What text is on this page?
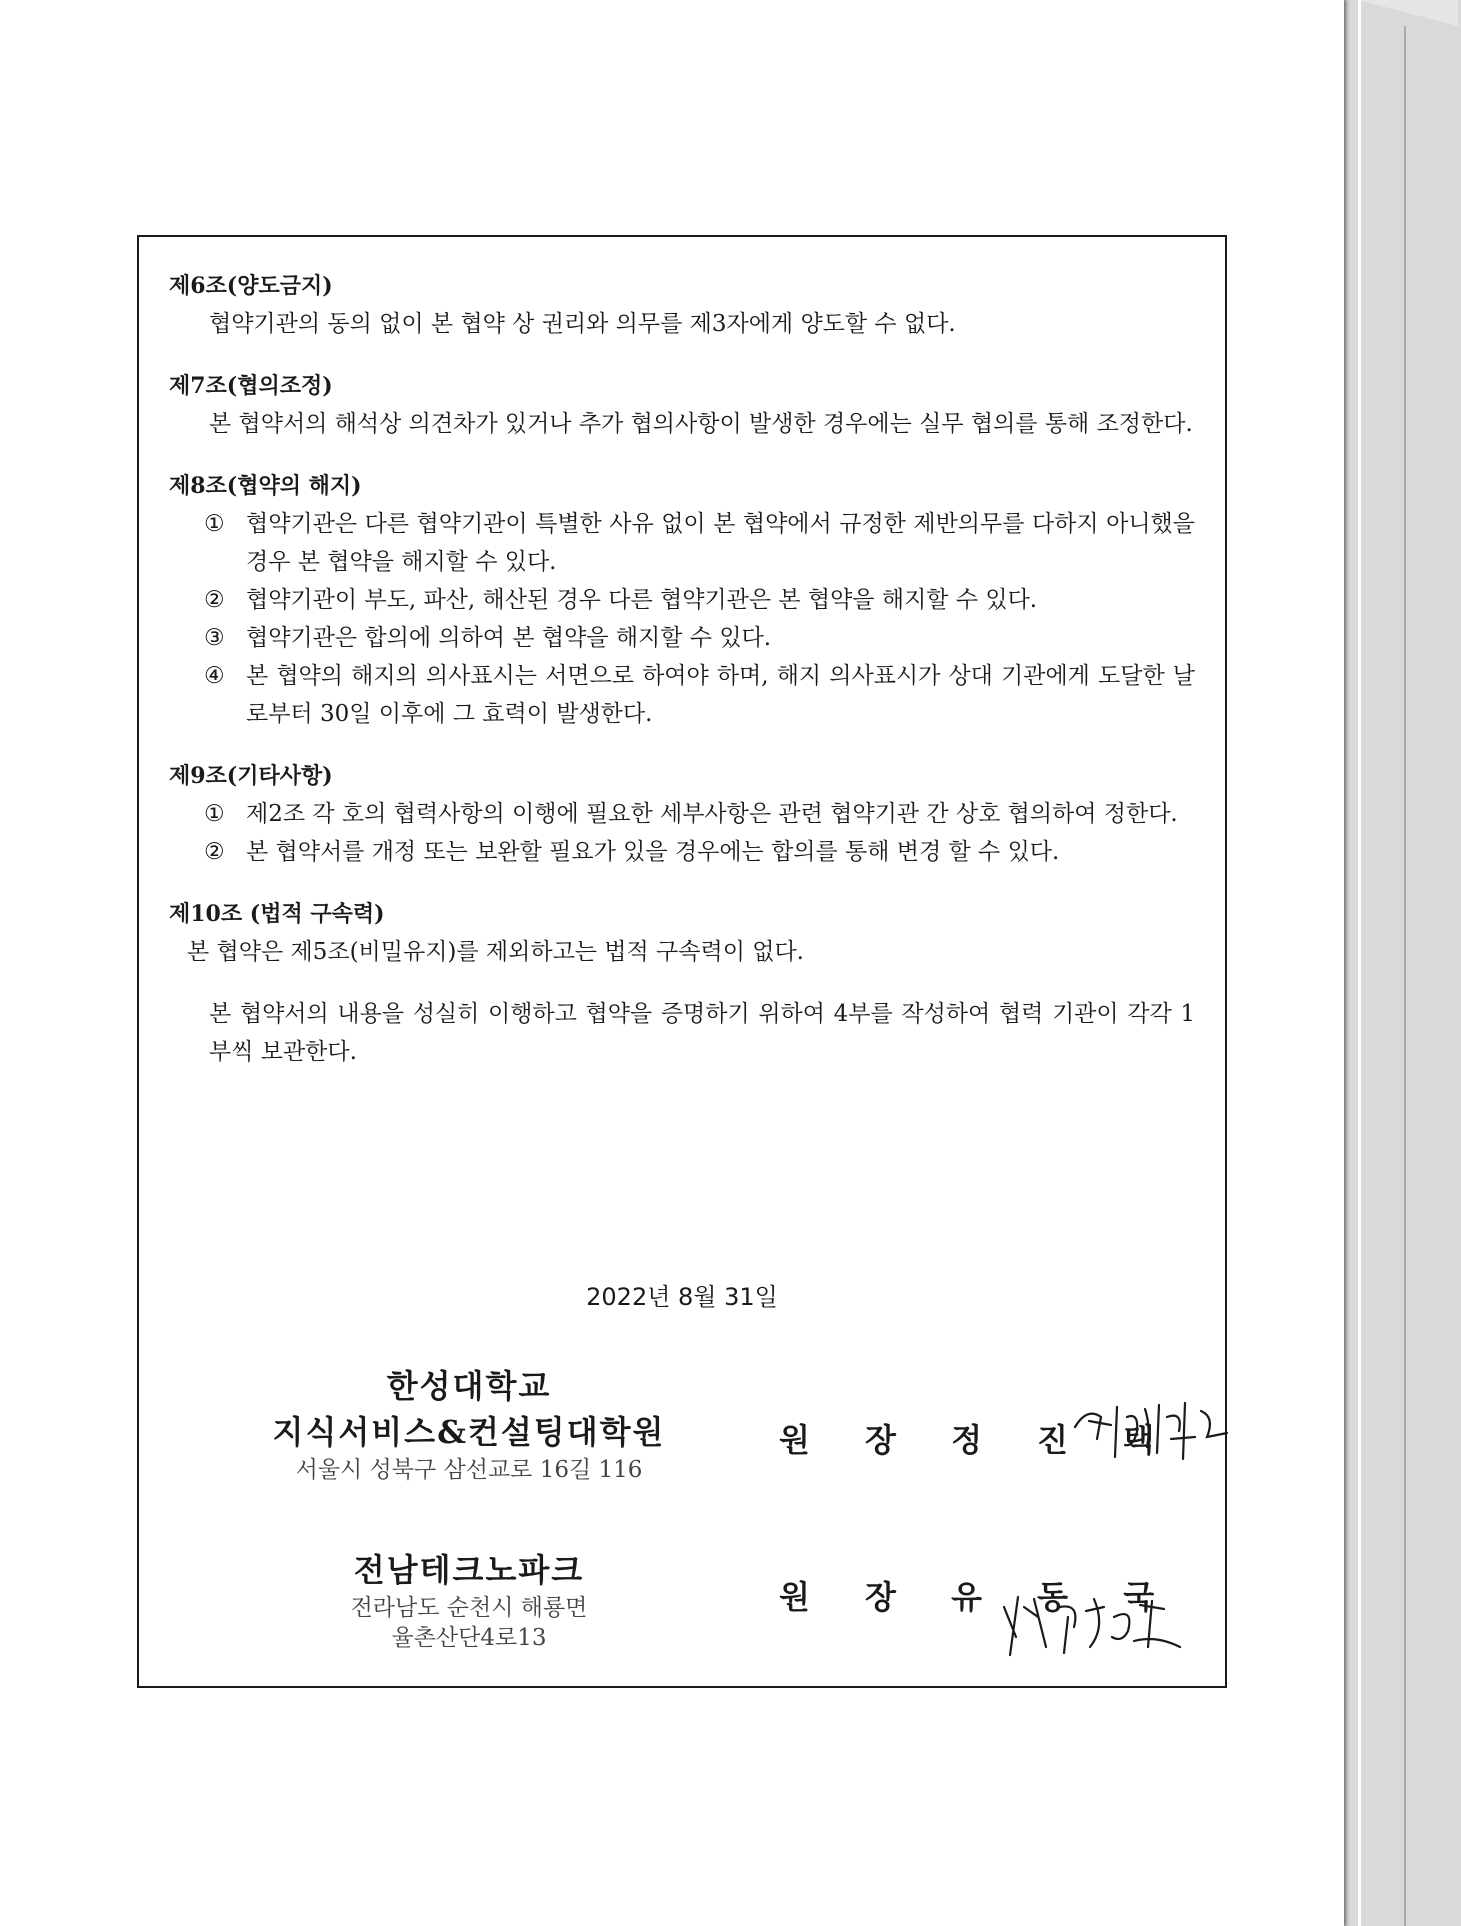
제6조(양도금지)
협약기관의 동의 없이 본 협약 상 권리와 의무를 제3자에게 양도할 수 없다.
제7조(협의조정)
본 협약서의 해석상 의견차가 있거나 추가 협의사항이 발생한 경우에는 실무 협의를 통해 조정한다.
제8조(협약의 해지)
① 협약기관은 다른 협약기관이 특별한 사유 없이 본 협약에서 규정한 제반의무를 다하지 아니했을 경우 본 협약을 해지할 수 있다.
② 협약기관이 부도, 파산, 해산된 경우 다른 협약기관은 본 협약을 해지할 수 있다.
③ 협약기관은 합의에 의하여 본 협약을 해지할 수 있다.
④ 본 협약의 해지의 의사표시는 서면으로 하여야 하며, 해지 의사표시가 상대 기관에게 도달한 날로부터 30일 이후에 그 효력이 발생한다.
제9조(기타사항)
① 제2조 각 호의 협력사항의 이행에 필요한 세부사항은 관련 협약기관 간 상호 협의하여 정한다.
② 본 협약서를 개정 또는 보완할 필요가 있을 경우에는 합의를 통해 변경 할 수 있다.
제10조 (법적 구속력)
본 협약은 제5조(비밀유지)를 제외하고는 법적 구속력이 없다.
본 협약서의 내용을 성실히 이행하고 협약을 증명하기 위하여 4부를 작성하여 협력 기관이 각각 1부씩 보관한다.
2022년 8월 31일
한성대학교
지식서비스&컨설팅대학원
서울시 성북구 삼선교로 16길 116
원 장 정 진 택
전남테크노파크
전라남도 순천시 해룡면
율촌산단4로13
원 장 유 동 국
